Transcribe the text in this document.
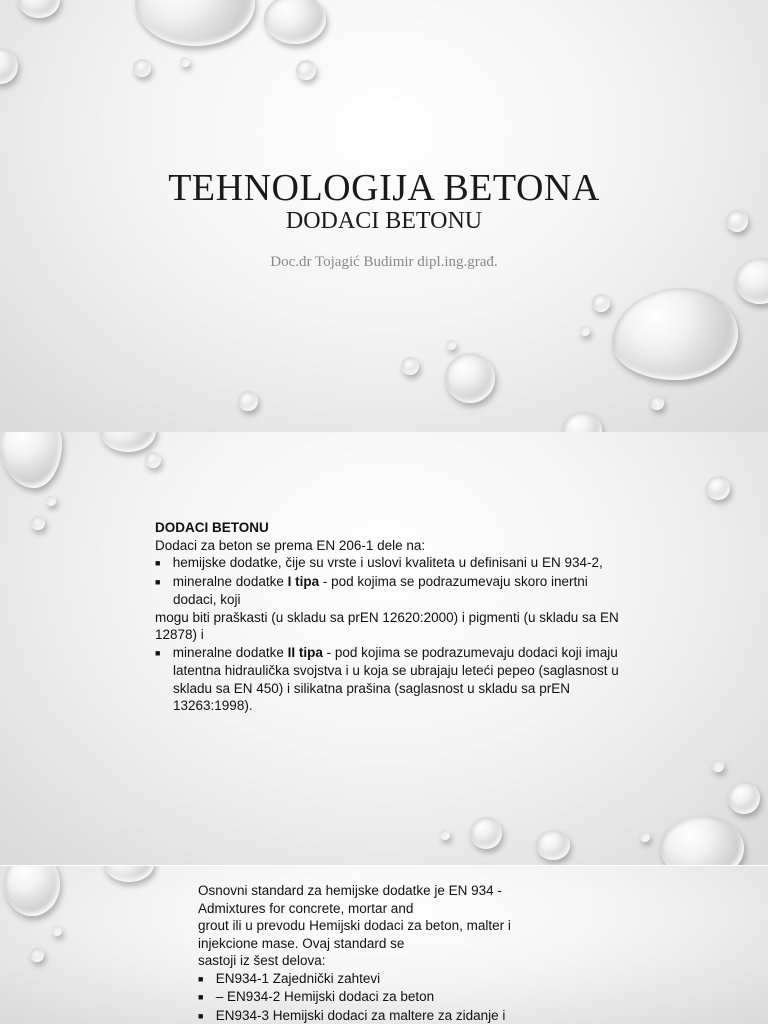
TEHNOLOGIJA BETONA
DODACI BETONU
Doc.dr Tojagić Budimir dipl.ing.građ.
DODACI BETONU
Dodaci za beton se prema EN 206-1 dele na:
■ hemijske dodatke, čije su vrste i uslovi kvaliteta u definisani u EN 934-2,
■ mineralne dodatke I tipa - pod kojima se podrazumevaju skoro inertni
dodaci, koji
mogu biti praškasti (u skladu sa prEN 12620:2000) i pigmenti (u skladu sa EN
12878) i
■ mineralne dodatke II tipa - pod kojima se podrazumevaju dodaci koji imaju
latentna hidraulička svojstva i u koja se ubrajaju leteći pepeo (saglasnost u
skladu sa EN 450) i silikatna prašina (saglasnost u skladu sa prEN
13263:1998).
Osnovni standard za hemijske dodatke je EN 934 -
Admixtures for concrete, mortar and
grout ili u prevodu Hemijski dodaci za beton, malter i
injekcione mase. Ovaj standard se
sastoji iz šest delova:
■ EN934-1 Zajednički zahtevi
■ – EN934-2 Hemijski dodaci za beton
■ EN934-3 Hemijski dodaci za maltere za zidanje i
